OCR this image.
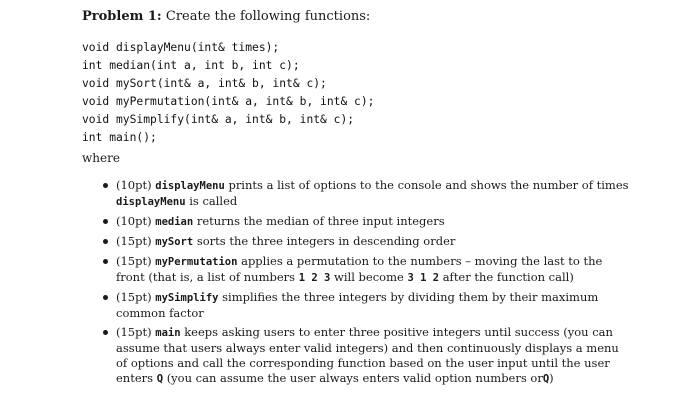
Problem 1: Create the following functions:
void displayMenu(int& times);
int median(int a, int b, int c);
void mySort(int& a, int& b, int& c);
void myPermutation(int& a, int& b, int& c);
void mySimplify(int& a, int& b, int& c);
int main();
where
(10pt) displayMenu prints a list of options to the console and shows the number of times displayMenu is called
(10pt) median returns the median of three input integers
(15pt) mySort sorts the three integers in descending order
(15pt) myPermutation applies a permutation to the numbers – moving the last to the front (that is, a list of numbers 1 2 3 will become 3 1 2 after the function call)
(15pt) mySimplify simplifies the three integers by dividing them by their maximum common factor
(15pt) main keeps asking users to enter three positive integers until success (you can assume that users always enter valid integers) and then continuously displays a menu of options and call the corresponding function based on the user input until the user enters Q (you can assume the user always enters valid option numbers orQ)
